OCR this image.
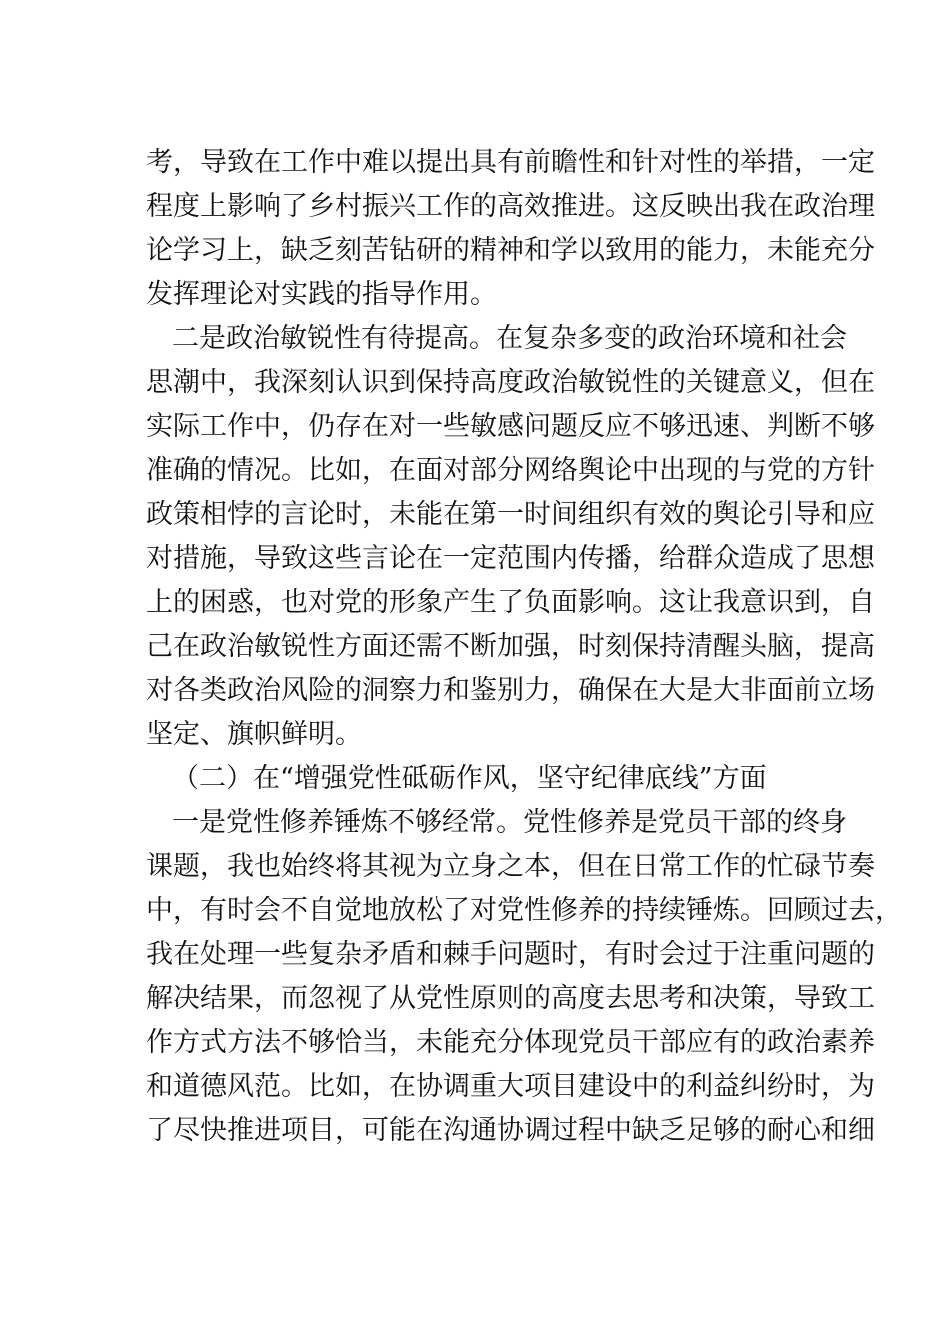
考，导致在工作中难以提出具有前瞻性和针对性的举措，一定
程度上影响了乡村振兴工作的高效推进。这反映出我在政治理
论学习上，缺乏刻苦钻研的精神和学以致用的能力，未能充分
发挥理论对实践的指导作用。
二是政治敏锐性有待提高。在复杂多变的政治环境和社会
思潮中，我深刻认识到保持高度政治敏锐性的关键意义，但在
实际工作中，仍存在对一些敏感问题反应不够迅速、判断不够
准确的情况。比如，在面对部分网络舆论中出现的与党的方针
政策相悖的言论时，未能在第一时间组织有效的舆论引导和应
对措施，导致这些言论在一定范围内传播，给群众造成了思想
上的困惑，也对党的形象产生了负面影响。这让我意识到，自
己在政治敏锐性方面还需不断加强，时刻保持清醒头脑，提高
对各类政治风险的洞察力和鉴别力，确保在大是大非面前立场
坚定、旗帜鲜明。
（二）在“增强党性砥砺作风，坚守纪律底线”方面
一是党性修养锤炼不够经常。党性修养是党员干部的终身
课题，我也始终将其视为立身之本，但在日常工作的忙碌节奏
中，有时会不自觉地放松了对党性修养的持续锤炼。回顾过去，
我在处理一些复杂矛盾和棘手问题时，有时会过于注重问题的
解决结果，而忽视了从党性原则的高度去思考和决策，导致工
作方式方法不够恰当，未能充分体现党员干部应有的政治素养
和道德风范。比如，在协调重大项目建设中的利益纠纷时，为
了尽快推进项目，可能在沟通协调过程中缺乏足够的耐心和细
